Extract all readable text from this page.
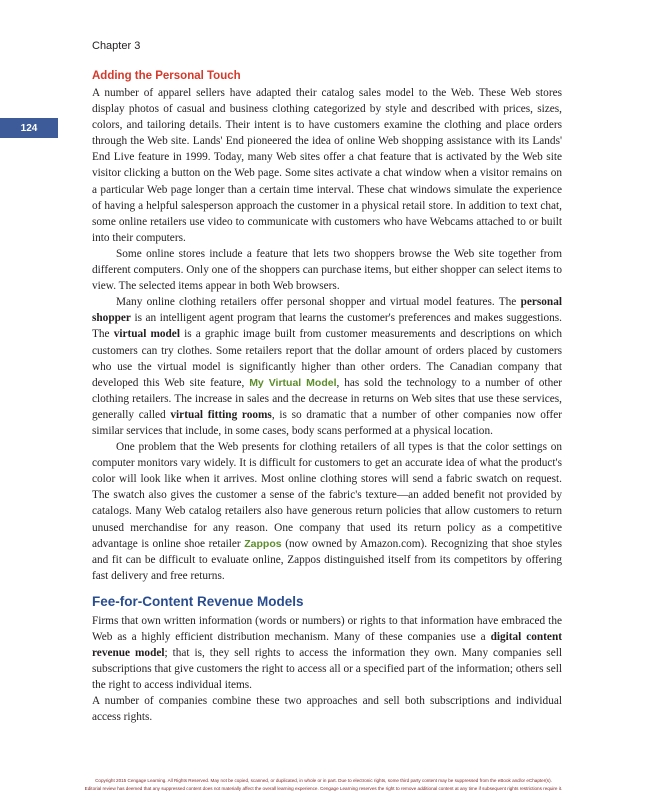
Chapter 3
124
Adding the Personal Touch

A number of apparel sellers have adapted their catalog sales model to the Web. These Web stores display photos of casual and business clothing categorized by style and described with prices, sizes, colors, and tailoring details. Their intent is to have customers examine the clothing and place orders through the Web site. Lands' End pioneered the idea of online Web shopping assistance with its Lands' End Live feature in 1999. Today, many Web sites offer a chat feature that is activated by the Web site visitor clicking a button on the Web page. Some sites activate a chat window when a visitor remains on a particular Web page longer than a certain time interval. These chat windows simulate the experience of having a helpful salesperson approach the customer in a physical retail store. In addition to text chat, some online retailers use video to communicate with customers who have Webcams attached to or built into their computers.

Some online stores include a feature that lets two shoppers browse the Web site together from different computers. Only one of the shoppers can purchase items, but either shopper can select items to view. The selected items appear in both Web browsers.

Many online clothing retailers offer personal shopper and virtual model features. The personal shopper is an intelligent agent program that learns the customer's preferences and makes suggestions. The virtual model is a graphic image built from customer measurements and descriptions on which customers can try clothes. Some retailers report that the dollar amount of orders placed by customers who use the virtual model is significantly higher than other orders. The Canadian company that developed this Web site feature, My Virtual Model, has sold the technology to a number of other clothing retailers. The increase in sales and the decrease in returns on Web sites that use these services, generally called virtual fitting rooms, is so dramatic that a number of other companies now offer similar services that include, in some cases, body scans performed at a physical location.

One problem that the Web presents for clothing retailers of all types is that the color settings on computer monitors vary widely. It is difficult for customers to get an accurate idea of what the product's color will look like when it arrives. Most online clothing stores will send a fabric swatch on request. The swatch also gives the customer a sense of the fabric's texture—an added benefit not provided by catalogs. Many Web catalog retailers also have generous return policies that allow customers to return unused merchandise for any reason. One company that used its return policy as a competitive advantage is online shoe retailer Zappos (now owned by Amazon.com). Recognizing that shoe styles and fit can be difficult to evaluate online, Zappos distinguished itself from its competitors by offering fast delivery and free returns.

Fee-for-Content Revenue Models

Firms that own written information (words or numbers) or rights to that information have embraced the Web as a highly efficient distribution mechanism. Many of these companies use a digital content revenue model; that is, they sell rights to access the information they own. Many companies sell subscriptions that give customers the right to access all or a specified part of the information; others sell the right to access individual items.

A number of companies combine these two approaches and sell both subscriptions and individual access rights.

Copyright 2015 Cengage Learning. All Rights Reserved. May not be copied, scanned, or duplicated, in whole or in part. Due to electronic rights, some third party content may be suppressed from the eBook and/or eChapter(s).
Editorial review has deemed that any suppressed content does not materially affect the overall learning experience. Cengage Learning reserves the right to remove additional content at any time if subsequent rights restrictions require it.
